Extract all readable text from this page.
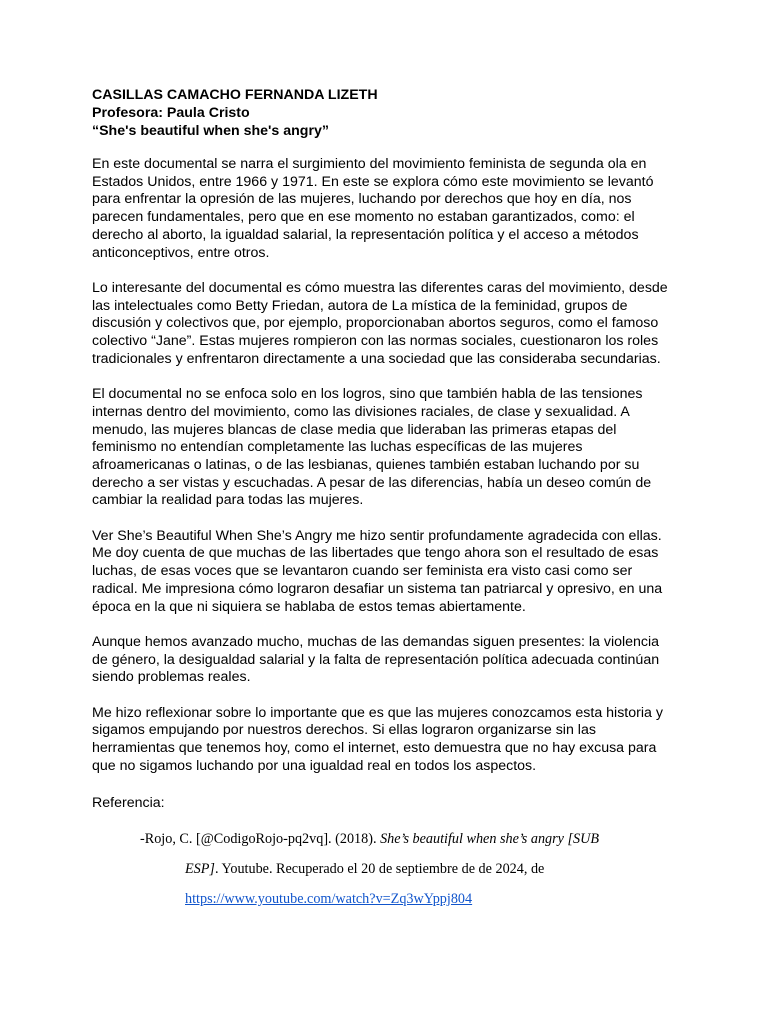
CASILLAS CAMACHO FERNANDA LIZETH
Profesora: Paula Cristo
“She's beautiful when she's angry”

En este documental se narra el surgimiento del movimiento feminista de segunda ola en Estados Unidos, entre 1966 y 1971. En este se explora cómo este movimiento se levantó para enfrentar la opresión de las mujeres, luchando por derechos que hoy en día, nos parecen fundamentales, pero que en ese momento no estaban garantizados, como: el derecho al aborto, la igualdad salarial, la representación política y el acceso a métodos anticonceptivos, entre otros.

Lo interesante del documental es cómo muestra las diferentes caras del movimiento, desde las intelectuales como Betty Friedan, autora de La mística de la feminidad, grupos de discusión y colectivos que, por ejemplo, proporcionaban abortos seguros, como el famoso colectivo “Jane”. Estas mujeres rompieron con las normas sociales, cuestionaron los roles tradicionales y enfrentaron directamente a una sociedad que las consideraba secundarias.

El documental no se enfoca solo en los logros, sino que también habla de las tensiones internas dentro del movimiento, como las divisiones raciales, de clase y sexualidad. A menudo, las mujeres blancas de clase media que lideraban las primeras etapas del feminismo no entendían completamente las luchas específicas de las mujeres afroamericanas o latinas, o de las lesbianas, quienes también estaban luchando por su derecho a ser vistas y escuchadas. A pesar de las diferencias, había un deseo común de cambiar la realidad para todas las mujeres.

Ver She’s Beautiful When She’s Angry me hizo sentir profundamente agradecida con ellas. Me doy cuenta de que muchas de las libertades que tengo ahora son el resultado de esas luchas, de esas voces que se levantaron cuando ser feminista era visto casi como ser radical. Me impresiona cómo lograron desafiar un sistema tan patriarcal y opresivo, en una época en la que ni siquiera se hablaba de estos temas abiertamente.

Aunque hemos avanzado mucho, muchas de las demandas siguen presentes: la violencia de género, la desigualdad salarial y la falta de representación política adecuada continúan siendo problemas reales.

Me hizo reflexionar sobre lo importante que es que las mujeres conozcamos esta historia y sigamos empujando por nuestros derechos. Si ellas lograron organizarse sin las herramientas que tenemos hoy, como el internet, esto demuestra que no hay excusa para que no sigamos luchando por una igualdad real en todos los aspectos.

Referencia:
-Rojo, C. [@CodigoRojo-pq2vq]. (2018). She’s beautiful when she’s angry [SUB
ESP]. Youtube. Recuperado el 20 de septiembre de de 2024, de
https://www.youtube.com/watch?v=Zq3wYppj804
